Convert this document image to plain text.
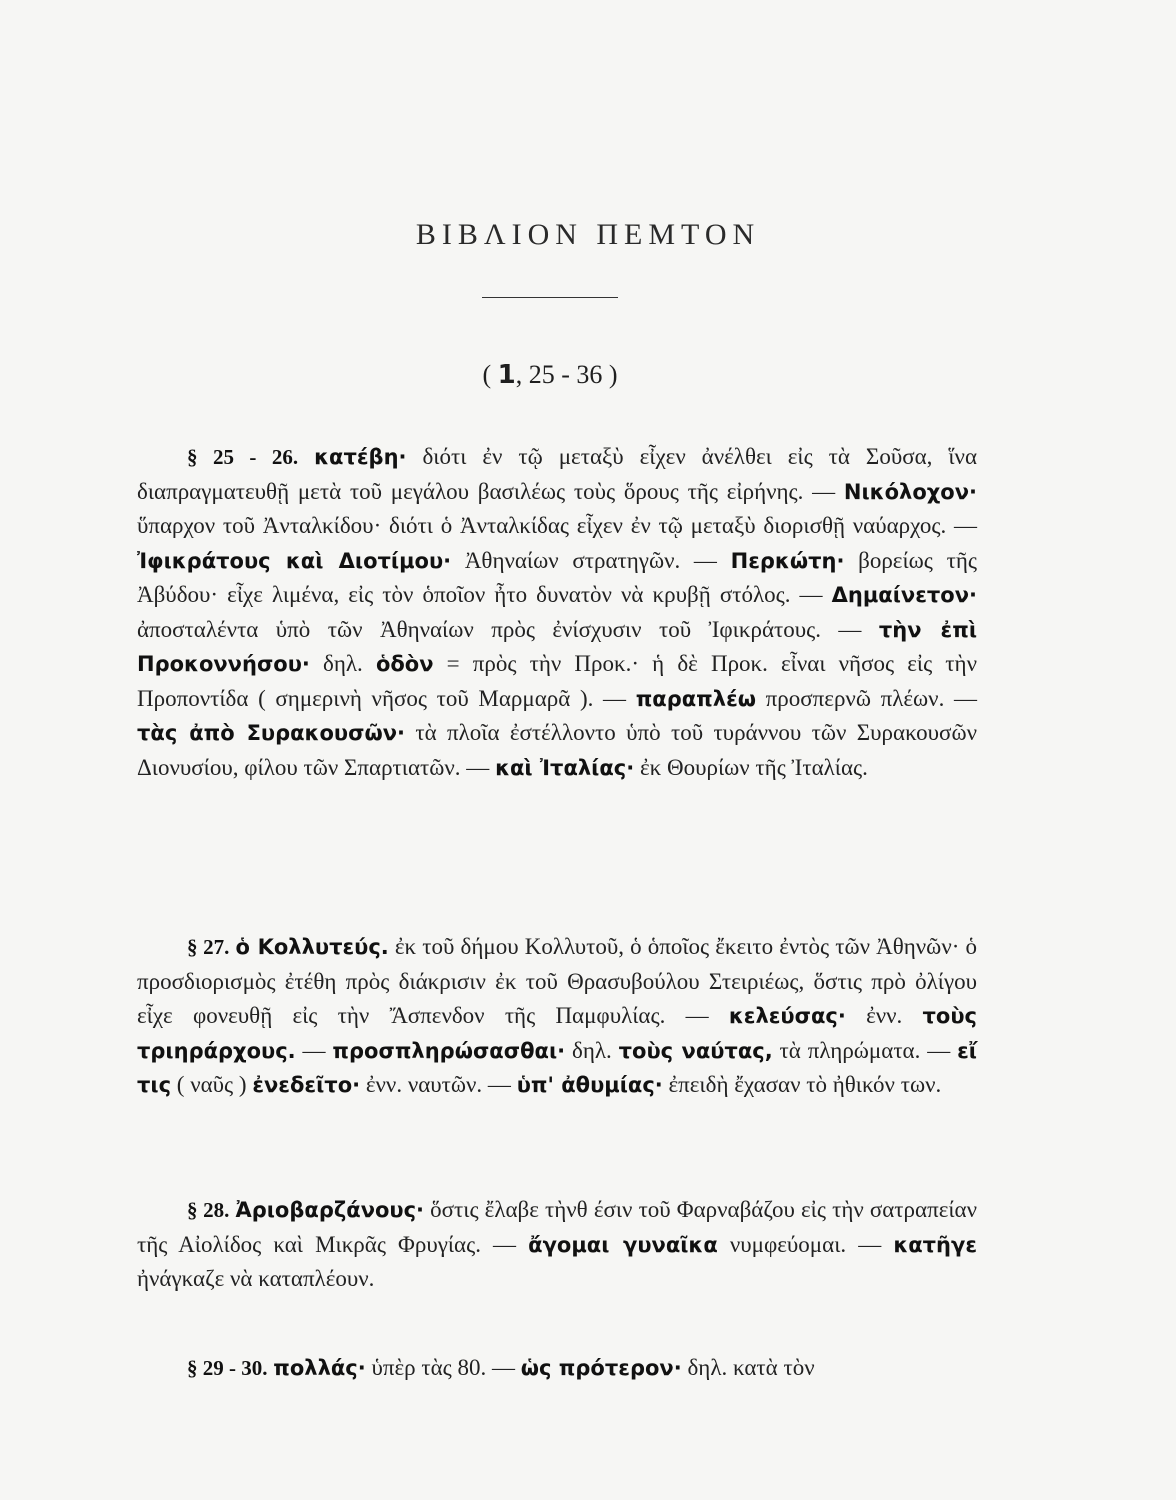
ΒΙΒΛΙΟΝ ΠΕΜΤΟΝ
( 1, 25 - 36 )
§ 25 - 26. κατέβη· διότι ἐν τῷ μεταξὺ εἶχεν ἀνέλθει εἰς τὰ Σοῦσα, ἵνα διαπραγματευθῇ μετὰ τοῦ μεγάλου βασιλέως τοὺς ὅρους τῆς εἰρήνης. — Νικόλοχον· ὕπαρχον τοῦ Ἀνταλκίδου· διότι ὁ Ἀνταλκίδας εἶχεν ἐν τῷ μεταξὺ διορισθῇ ναύαρχος. — Ἰφικράτους καὶ Διοτίμου· Ἀθηναίων στρατηγῶν. — Περκώτη· βορείως τῆς Ἀβύδου· εἶχε λιμένα, εἰς τὸν ὁποῖον ἦτο δυνατὸν νὰ κρυβῇ στόλος. — Δημαίνετον· ἀποσταλέντα ὑπὸ τῶν Ἀθηναίων πρὸς ἐνίσχυσιν τοῦ Ἰφικράτους. — τὴν ἐπὶ Προκοννήσου· δηλ. ὁδὸν = πρὸς τὴν Προκ.· ἡ δὲ Προκ. εἶναι νῆσος εἰς τὴν Προποντίδα ( σημερινὴ νῆσος τοῦ Μαρμαρᾶ ). — παραπλέω προσπερνῶ πλέων. — τὰς ἀπὸ Συρακουσῶν· τὰ πλοῖα ἐστέλλοντο ὑπὸ τοῦ τυράννου τῶν Συρακουσῶν Διονυσίου, φίλου τῶν Σπαρτιατῶν. — καὶ Ἰταλίας· ἐκ Θουρίων τῆς Ἰταλίας.
§ 27. ὁ Κολλυτεύς. ἐκ τοῦ δήμου Κολλυτοῦ, ὁ ὁποῖος ἔκειτο ἐντὸς τῶν Ἀθηνῶν· ὁ προσδιορισμὸς ἐτέθη πρὸς διάκρισιν ἐκ τοῦ Θρασυβούλου Στειριέως, ὅστις πρὸ ὀλίγου εἶχε φονευθῇ εἰς τὴν Ἄσπενδον τῆς Παμφυλίας. — κελεύσας· ἐνν. τοὺς τριηράρχους. — προσπληρώσασθαι· δηλ. τοὺς ναύτας, τὰ πληρώματα. — εἴ τις ( ναῦς ) ἐνεδεῖτο· ἐνν. ναυτῶν. — ὑπ' ἀθυμίας· ἐπειδὴ ἔχασαν τὸ ἠθικόν των.
§ 28. Ἀριοβαρζάνους· ὅστις ἔλαβε τὴνθ έσιν τοῦ Φαρναβάζου εἰς τὴν σατραπείαν τῆς Αἰολίδος καὶ Μικρᾶς Φρυγίας. — ἄγομαι γυναῖκα νυμφεύομαι. — κατῆγε ἠνάγκαζε νὰ καταπλέουν.
§ 29 - 30. πολλάς· ὑπὲρ τὰς 80. — ὡς πρότερον· δηλ. κατὰ τὸν
